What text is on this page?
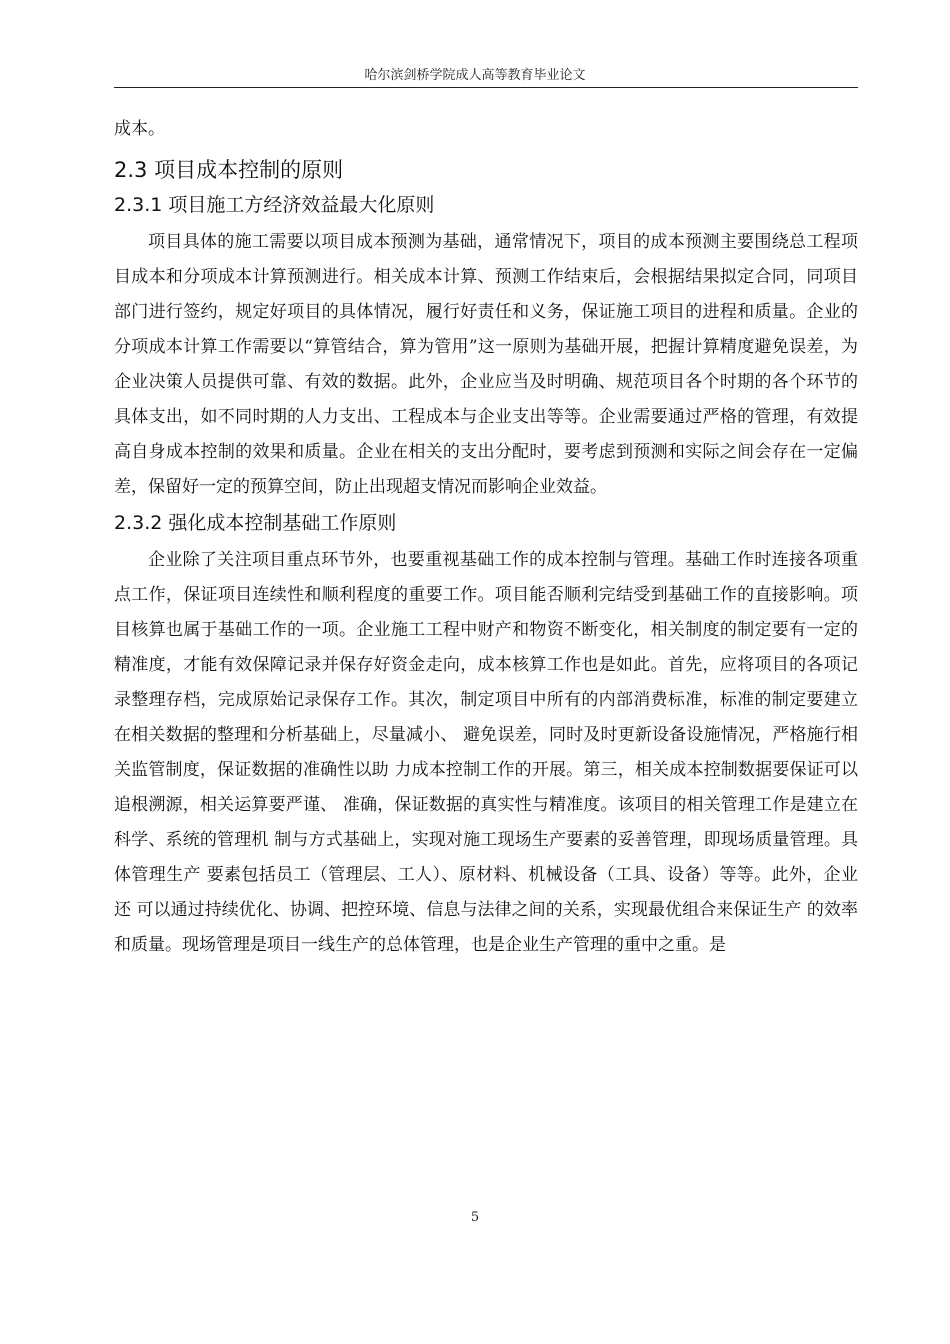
哈尔滨剑桥学院成人高等教育毕业论文

成本。

2.3 项目成本控制的原则
2.3.1 项目施工方经济效益最大化原则

项目具体的施工需要以项目成本预测为基础，通常情况下，项目的成本预测主要围绕总工程项目成本和分项成本计算预测进行。相关成本计算、预测工作结束后，会根据结果拟定合同，同项目部门进行签约，规定好项目的具体情况，履行好责任和义务，保证施工项目的进程和质量。企业的分项成本计算工作需要以“算管结合，算为管用”这一原则为基础开展，把握计算精度避免误差，为企业决策人员提供可靠、有效的数据。此外，企业应当及时明确、规范项目各个时期的各个环节的具体支出，如不同时期的人力支出、工程成本与企业支出等等。企业需要通过严格的管理，有效提高自身成本控制的效果和质量。企业在相关的支出分配时，要考虑到预测和实际之间会存在一定偏差，保留好一定的预算空间，防止出现超支情况而影响企业效益。

2.3.2 强化成本控制基础工作原则

企业除了关注项目重点环节外，也要重视基础工作的成本控制与管理。基础工作时连接各项重点工作，保证项目连续性和顺利程度的重要工作。项目能否顺利完结受到基础工作的直接影响。项目核算也属于基础工作的一项。企业施工工程中财产和物资不断变化，相关制度的制定要有一定的精准度，才能有效保障记录并保存好资金走向，成本核算工作也是如此。首先，应将项目的各项记录整理存档，完成原始记录保存工作。其次，制定项目中所有的内部消费标准，标准的制定要建立在相关数据的整理和分析基础上，尽量减小、 避免误差，同时及时更新设备设施情况，严格施行相关监管制度，保证数据的准确性以助 力成本控制工作的开展。第三，相关成本控制数据要保证可以追根溯源，相关运算要严谨、 准确，保证数据的真实性与精准度。该项目的相关管理工作是建立在科学、系统的管理机 制与方式基础上，实现对施工现场生产要素的妥善管理，即现场质量管理。具体管理生产 要素包括员工（管理层、工人）、原材料、机械设备（工具、设备）等等。此外，企业还 可以通过持续优化、协调、把控环境、信息与法律之间的关系，实现最优组合来保证生产 的效率和质量。现场管理是项目一线生产的总体管理，也是企业生产管理的重中之重。是

5
